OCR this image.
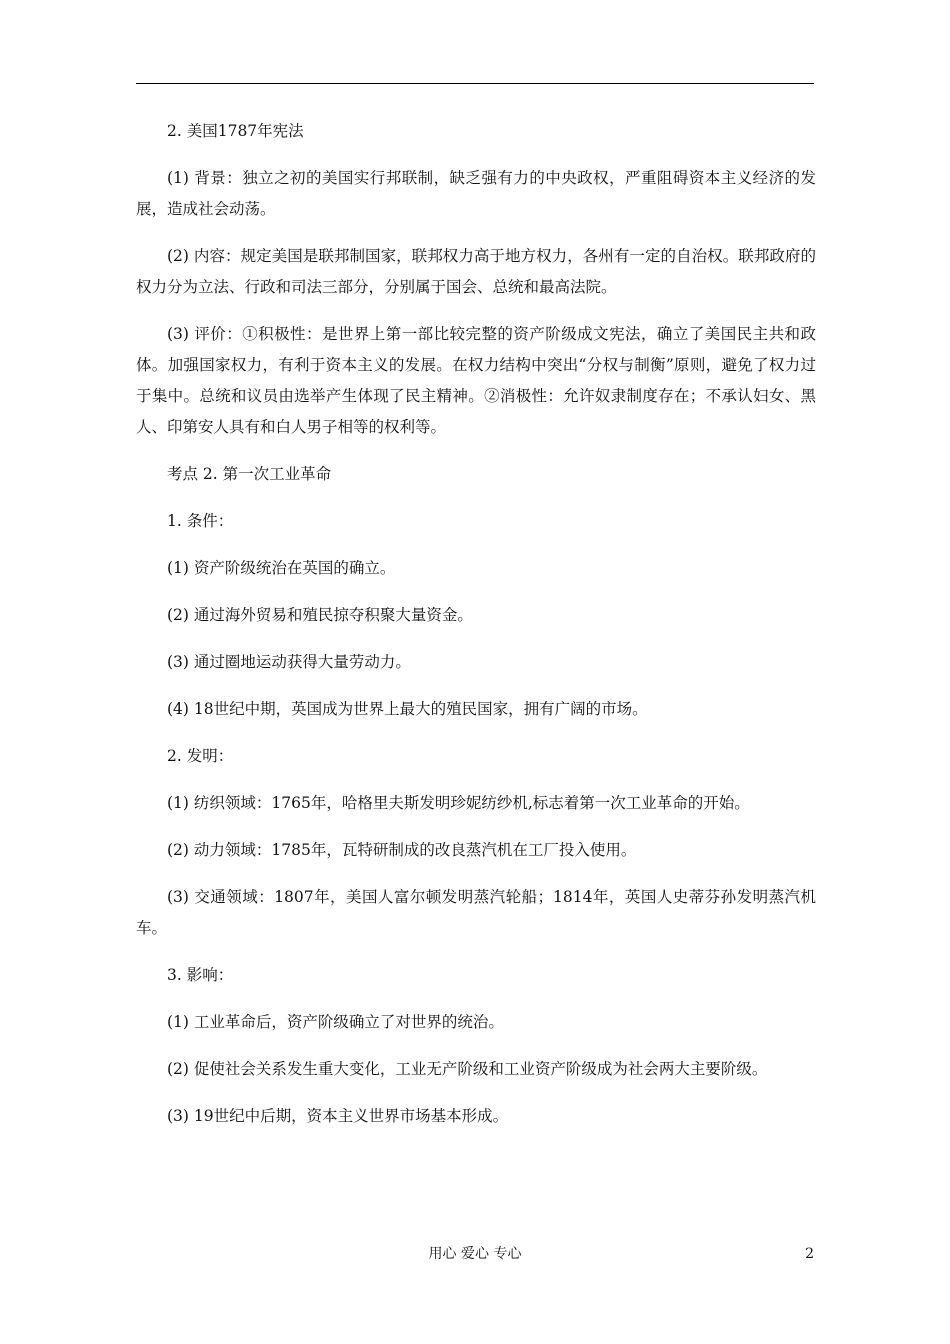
2. 美国1787年宪法

(1) 背景：独立之初的美国实行邦联制，缺乏强有力的中央政权，严重阻碍资本主义经济的发展，造成社会动荡。

(2) 内容：规定美国是联邦制国家，联邦权力高于地方权力，各州有一定的自治权。联邦政府的权力分为立法、行政和司法三部分，分别属于国会、总统和最高法院。

(3) 评价：①积极性：是世界上第一部比较完整的资产阶级成文宪法，确立了美国民主共和政体。加强国家权力，有利于资本主义的发展。在权力结构中突出“分权与制衡”原则，避免了权力过于集中。总统和议员由选举产生体现了民主精神。②消极性：允许奴隶制度存在；不承认妇女、黑人、印第安人具有和白人男子相等的权利等。

考点 2. 第一次工业革命

1. 条件：

(1) 资产阶级统治在英国的确立。

(2) 通过海外贸易和殖民掠夺积聚大量资金。

(3) 通过圈地运动获得大量劳动力。

(4) 18世纪中期，英国成为世界上最大的殖民国家，拥有广阔的市场。

2. 发明：

(1) 纺织领域：1765年，哈格里夫斯发明珍妮纺纱机,标志着第一次工业革命的开始。

(2) 动力领域：1785年，瓦特研制成的改良蒸汽机在工厂投入使用。

(3) 交通领域：1807年，美国人富尔顿发明蒸汽轮船；1814年，英国人史蒂芬孙发明蒸汽机车。

3. 影响：

(1) 工业革命后，资产阶级确立了对世界的统治。

(2) 促使社会关系发生重大变化，工业无产阶级和工业资产阶级成为社会两大主要阶级。

(3) 19世纪中后期，资本主义世界市场基本形成。

用心 爱心 专心	2
